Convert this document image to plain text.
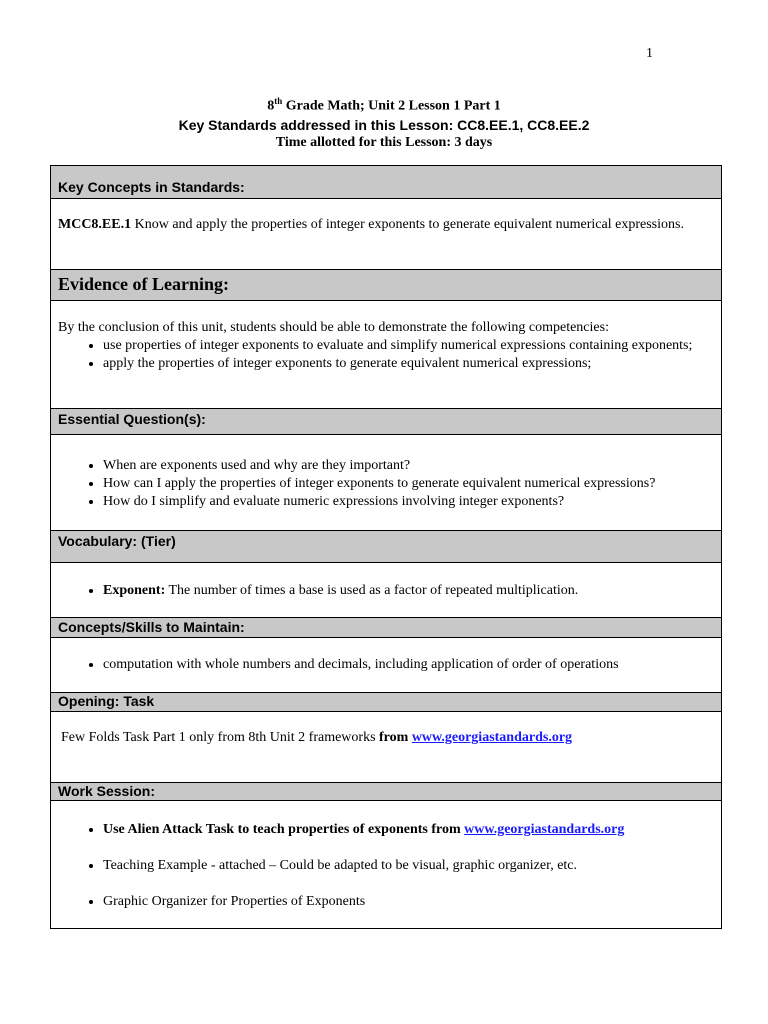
1
8th Grade Math; Unit 2 Lesson 1 Part 1
Key Standards addressed in this Lesson: CC8.EE.1, CC8.EE.2
Time allotted for this Lesson: 3 days
Key Concepts in Standards:
MCC8.EE.1 Know and apply the properties of integer exponents to generate equivalent numerical expressions.
Evidence of Learning:
By the conclusion of this unit, students should be able to demonstrate the following competencies:
• use properties of integer exponents to evaluate and simplify numerical expressions containing exponents;
• apply the properties of integer exponents to generate equivalent numerical expressions;
Essential Question(s):
• When are exponents used and why are they important?
• How can I apply the properties of integer exponents to generate equivalent numerical expressions?
• How do I simplify and evaluate numeric expressions involving integer exponents?
Vocabulary: (Tier)
• Exponent: The number of times a base is used as a factor of repeated multiplication.
Concepts/Skills to Maintain:
• computation with whole numbers and decimals, including application of order of operations
Opening: Task
Few Folds Task Part 1 only from 8th Unit 2 frameworks from www.georgiastandards.org
Work Session:
• Use Alien Attack Task to teach properties of exponents from www.georgiastandards.org
• Teaching Example - attached – Could be adapted to be visual, graphic organizer, etc.
• Graphic Organizer for Properties of Exponents
